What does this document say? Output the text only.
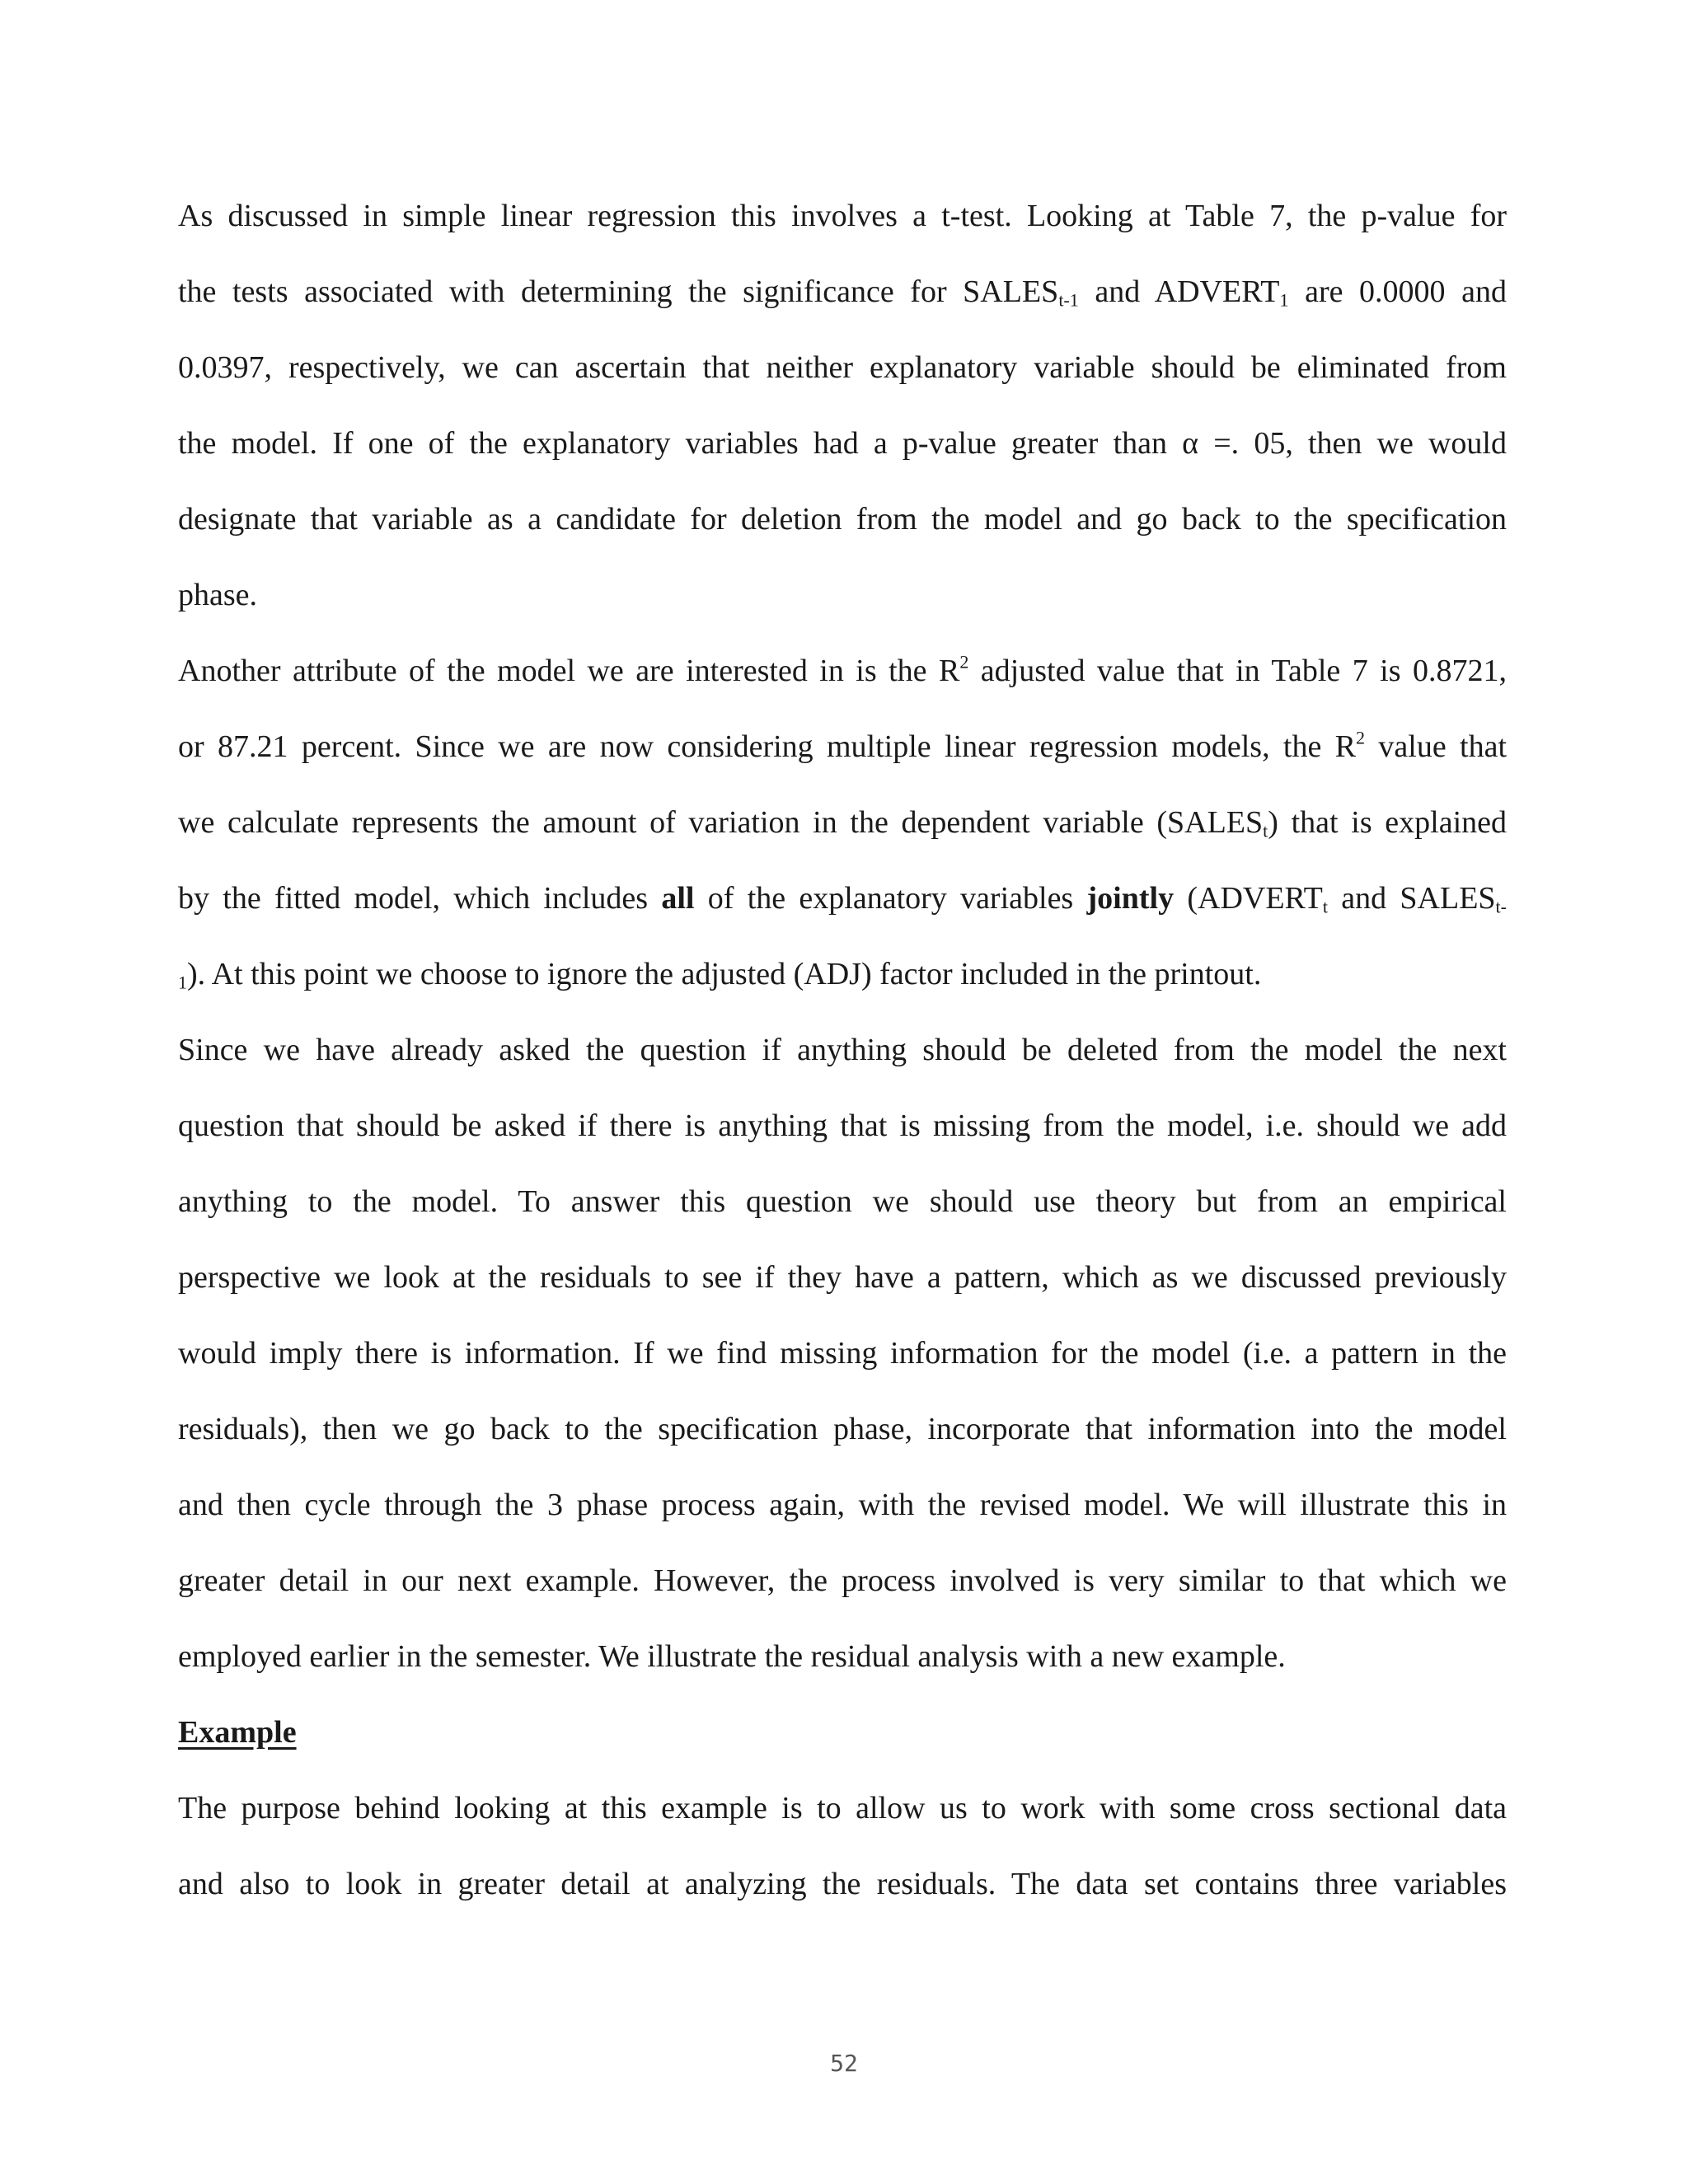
As discussed in simple linear regression this involves a t-test. Looking at Table 7, the p-value for
the tests associated with determining the significance for $SALES_{t-1}$ and $ADVERT_1$ are 0.0000 and
0.0397, respectively, we can ascertain that neither explanatory variable should be eliminated from
the model. If one of the explanatory variables had a p-value greater than α =. 05, then we would
designate that variable as a candidate for deletion from the model and go back to the specification
phase.
Another attribute of the model we are interested in is the $R^2$ adjusted value that in Table 7 is 0.8721,
or 87.21 percent. Since we are now considering multiple linear regression models, the $R^2$ value that
we calculate represents the amount of variation in the dependent variable $(SALES_t)$ that is explained
by the fitted model, which includes all of the explanatory variables jointly ($ADVERT_t$ and $SALES_{t-}$
$_1$). At this point we choose to ignore the adjusted (ADJ) factor included in the printout.
Since we have already asked the question if anything should be deleted from the model the next
question that should be asked if there is anything that is missing from the model, i.e. should we add
anything to the model. To answer this question we should use theory but from an empirical
perspective we look at the residuals to see if they have a pattern, which as we discussed previously
would imply there is information. If we find missing information for the model (i.e. a pattern in the
residuals), then we go back to the specification phase, incorporate that information into the model
and then cycle through the 3 phase process again, with the revised model. We will illustrate this in
greater detail in our next example. However, the process involved is very similar to that which we
employed earlier in the semester. We illustrate the residual analysis with a new example.
Example
The purpose behind looking at this example is to allow us to work with some cross sectional data
and also to look in greater detail at analyzing the residuals. The data set contains three variables
52
